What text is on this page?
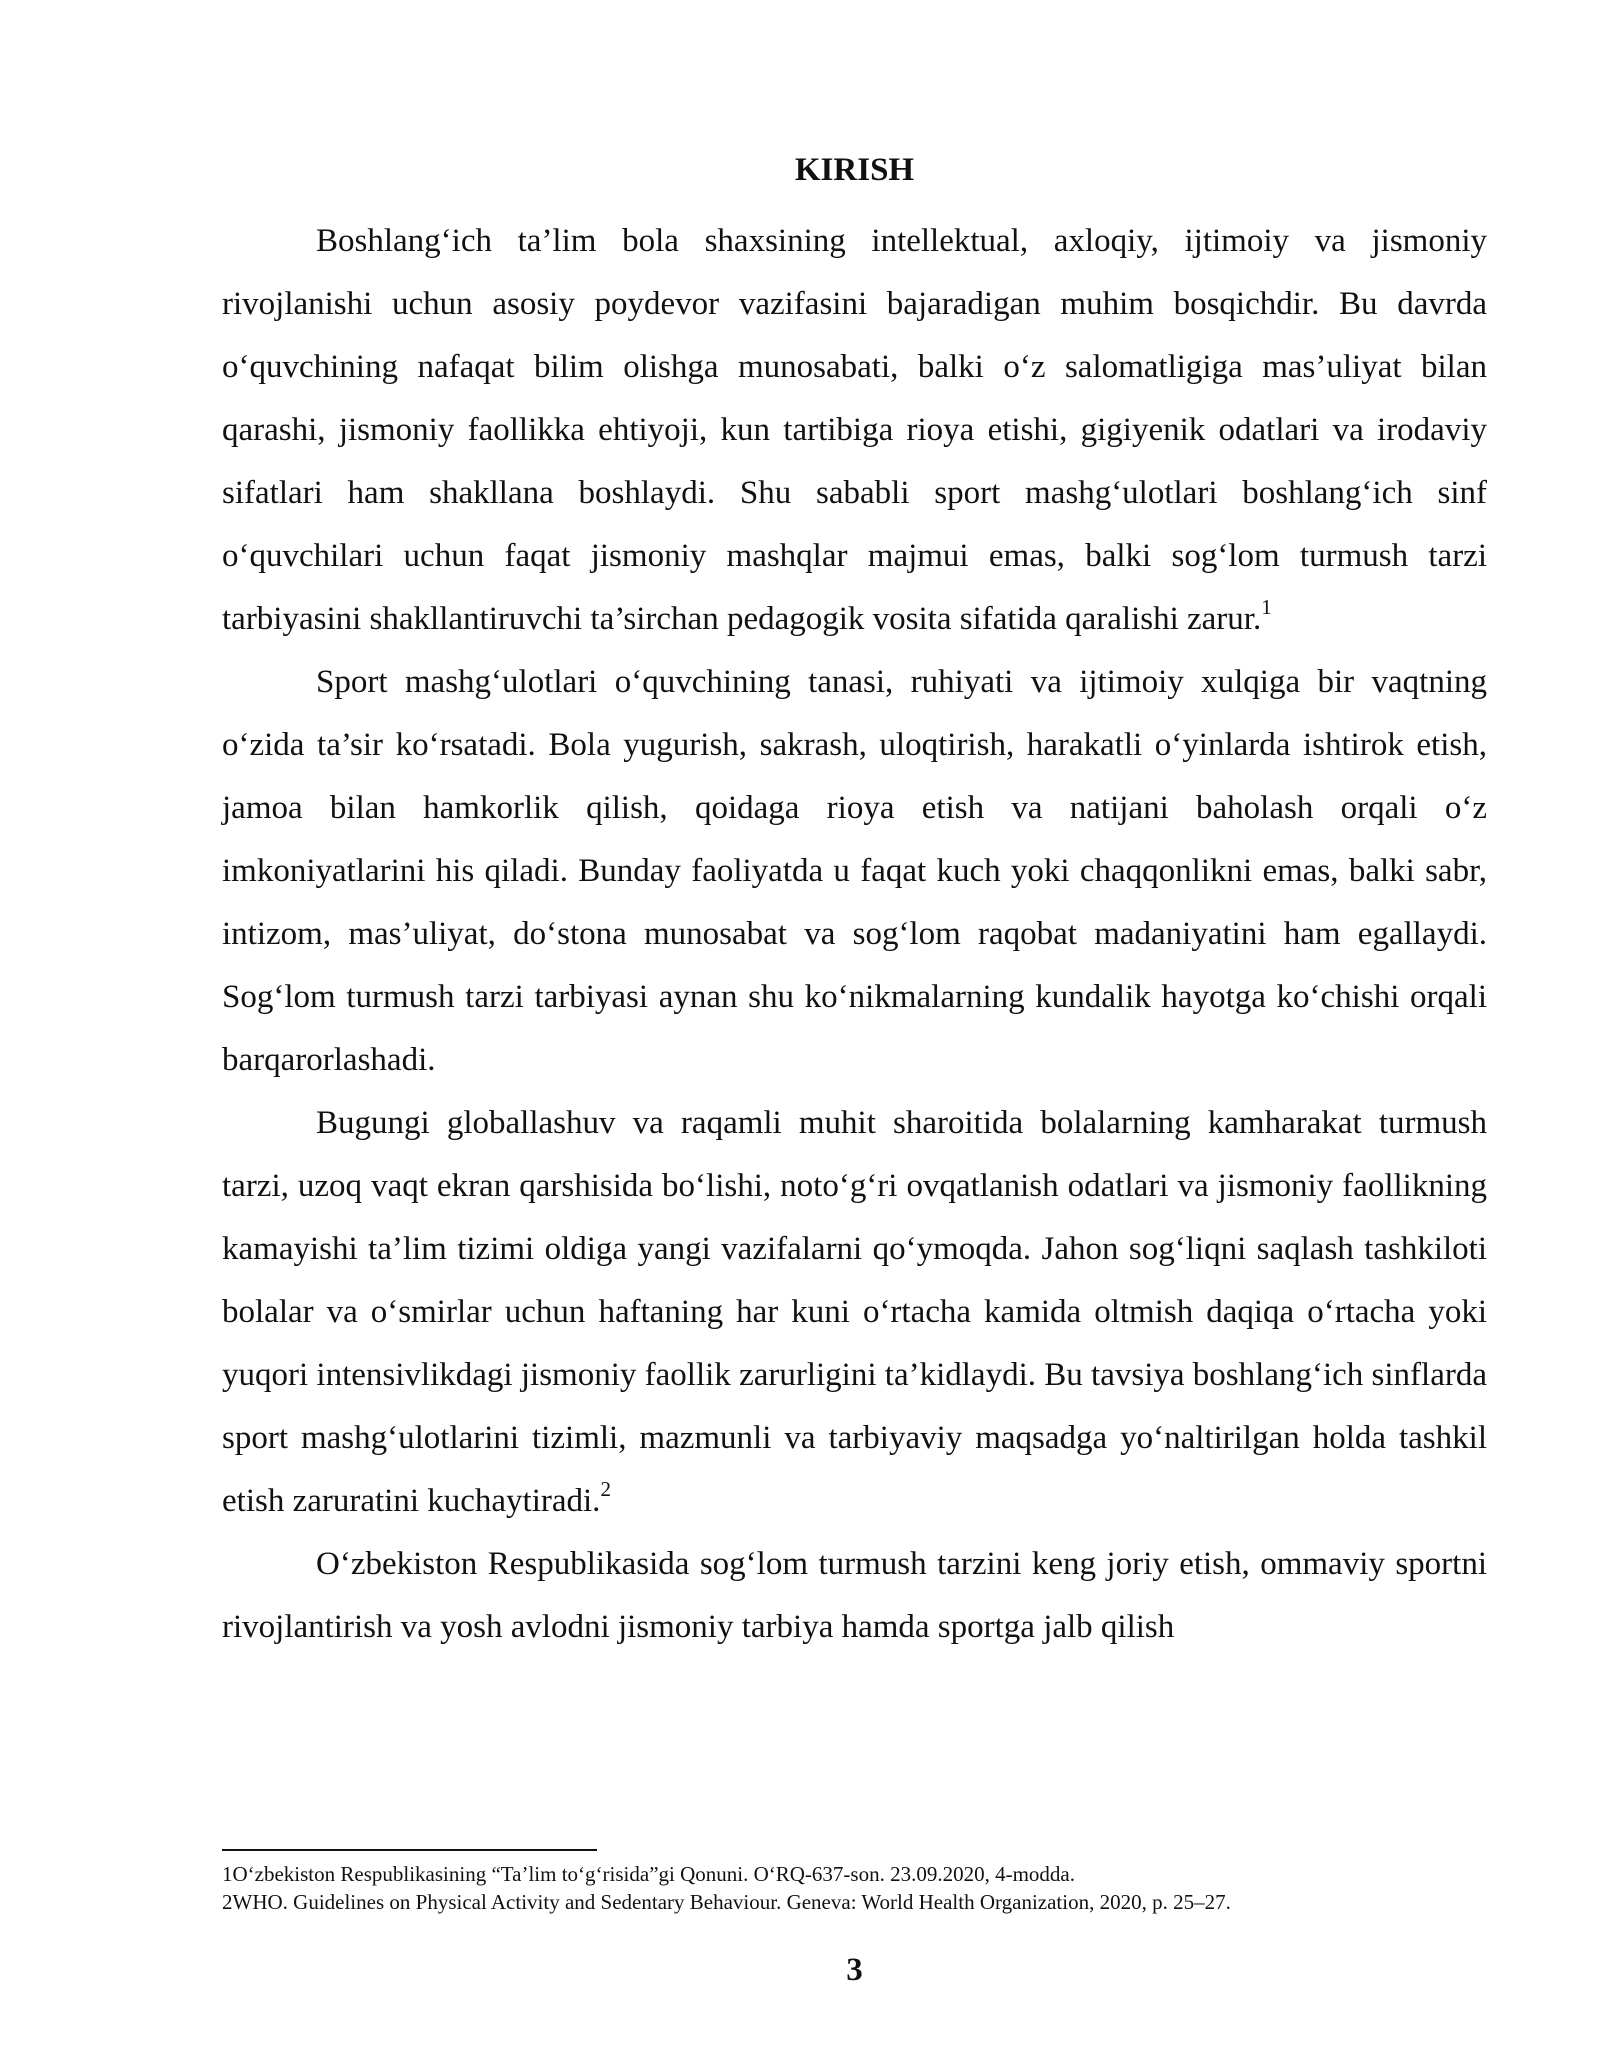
KIRISH

Boshlang‘ich ta’lim bola shaxsining intellektual, axloqiy, ijtimoiy va jismoniy rivojlanishi uchun asosiy poydevor vazifasini bajaradigan muhim bosqichdir. Bu davrda o‘quvchining nafaqat bilim olishga munosabati, balki o‘z salomatligiga mas’uliyat bilan qarashi, jismoniy faollikka ehtiyoji, kun tartibiga rioya etishi, gigiyenik odatlari va irodaviy sifatlari ham shakllana boshlaydi. Shu sababli sport mashg‘ulotlari boshlang‘ich sinf o‘quvchilari uchun faqat jismoniy mashqlar majmui emas, balki sog‘lom turmush tarzi tarbiyasini shakllantiruvchi ta’sirchan pedagogik vosita sifatida qaralishi zarur.$^1$

Sport mashg‘ulotlari o‘quvchining tanasi, ruhiyati va ijtimoiy xulqiga bir vaqtning o‘zida ta’sir ko‘rsatadi. Bola yugurish, sakrash, uloqtirish, harakatli o‘yinlarda ishtirok etish, jamoa bilan hamkorlik qilish, qoidaga rioya etish va natijani baholash orqali o‘z imkoniyatlarini his qiladi. Bunday faoliyatda u faqat kuch yoki chaqqonlikni emas, balki sabr, intizom, mas’uliyat, do‘stona munosabat va sog‘lom raqobat madaniyatini ham egallaydi. Sog‘lom turmush tarzi tarbiyasi aynan shu ko‘nikmalarning kundalik hayotga ko‘chishi orqali barqarorlashadi.

Bugungi globallashuv va raqamli muhit sharoitida bolalarning kamharakat turmush tarzi, uzoq vaqt ekran qarshisida bo‘lishi, noto‘g‘ri ovqatlanish odatlari va jismoniy faollikning kamayishi ta’lim tizimi oldiga yangi vazifalarni qo‘ymoqda. Jahon sog‘liqni saqlash tashkiloti bolalar va o‘smirlar uchun haftaning har kuni o‘rtacha kamida oltmish daqiqa o‘rtacha yoki yuqori intensivlikdagi jismoniy faollik zarurligini ta’kidlaydi. Bu tavsiya boshlang‘ich sinflarda sport mashg‘ulotlarini tizimli, mazmunli va tarbiyaviy maqsadga yo‘naltirilgan holda tashkil etish zaruratini kuchaytiradi.$^2$

O‘zbekiston Respublikasida sog‘lom turmush tarzini keng joriy etish, ommaviy sportni rivojlantirish va yosh avlodni jismoniy tarbiya hamda sportga jalb qilish

1O‘zbekiston Respublikasining “Ta’lim to‘g‘risida”gi Qonuni. O‘RQ-637-son. 23.09.2020, 4-modda.

2WHO. Guidelines on Physical Activity and Sedentary Behaviour. Geneva: World Health Organization, 2020, p. 25–27.

3
